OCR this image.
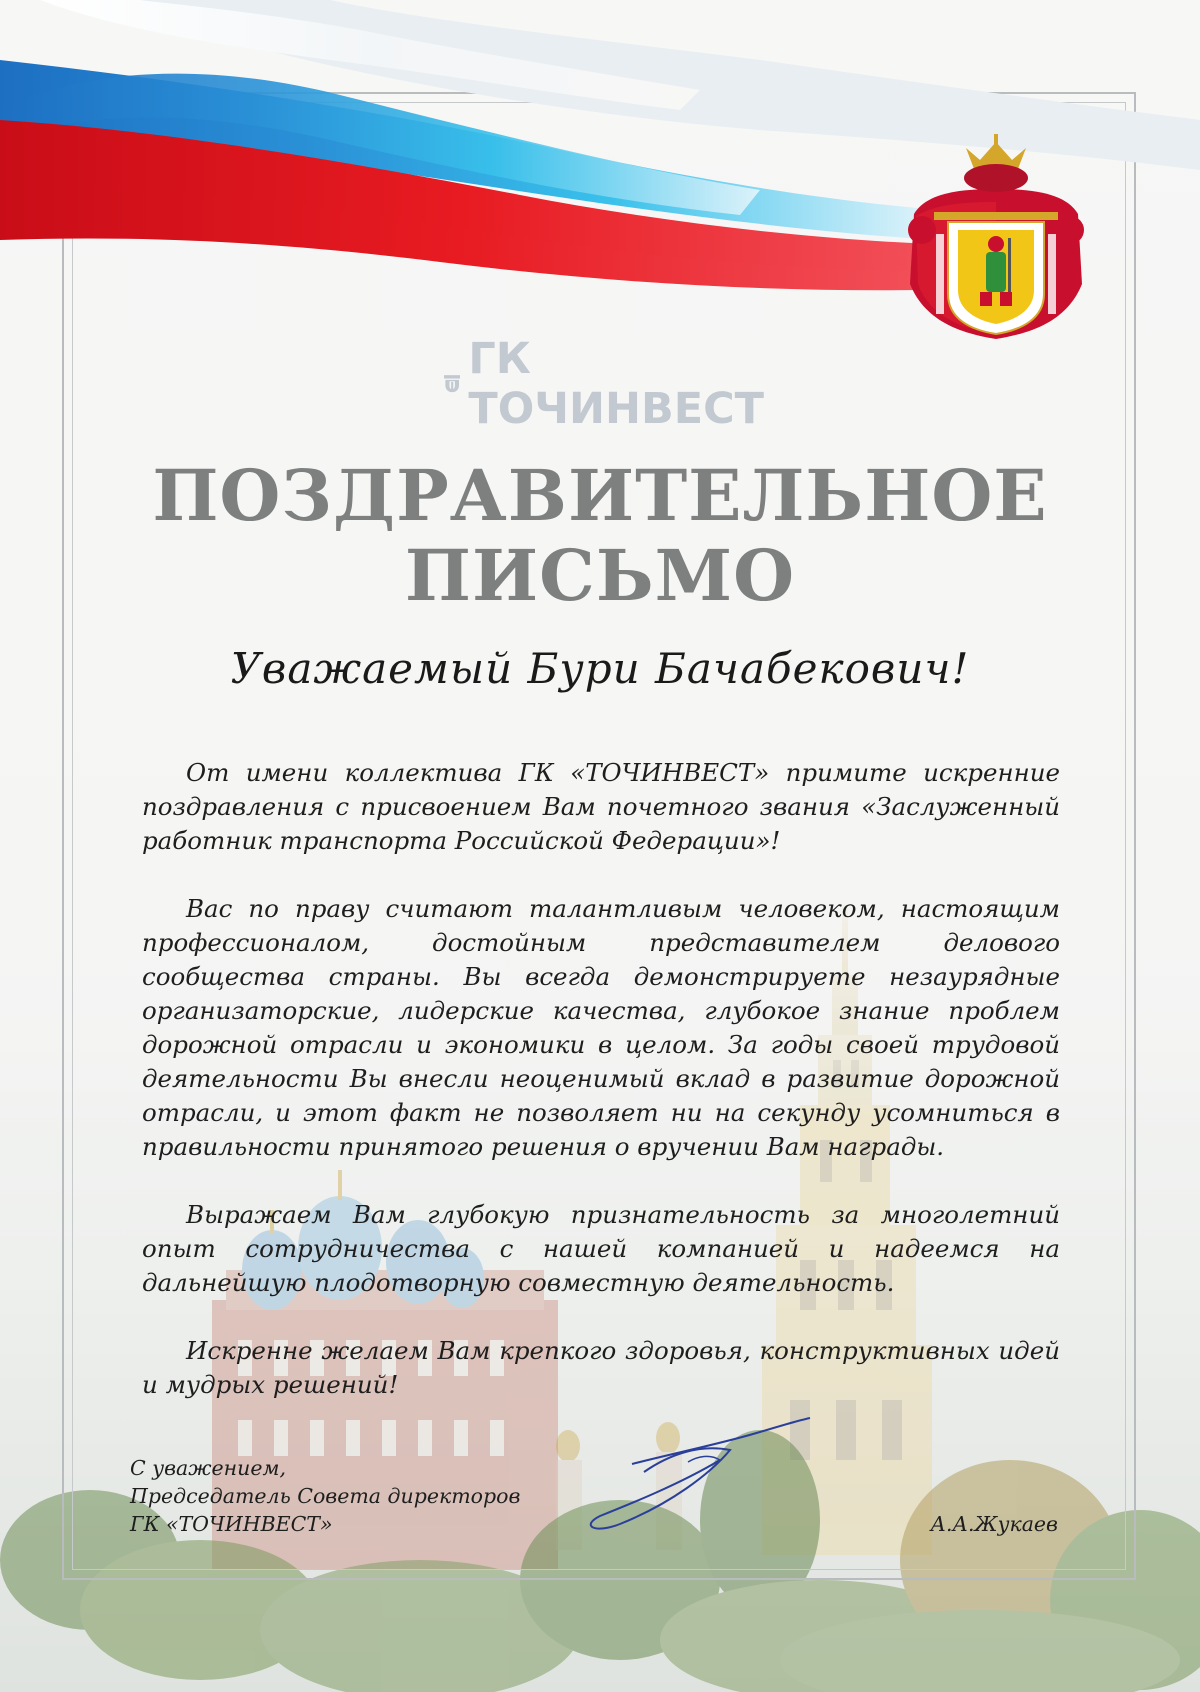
ГК ТОЧИНВЕСТ
ПОЗДРАВИТЕЛЬНОЕ
ПИСЬМО
Уважаемый Бури Бачабекович!

От имени коллектива ГК «ТОЧИНВЕСТ» примите искренние поздравления с присвоением Вам почетного звания «Заслуженный работник транспорта Российской Федерации»!

Вас по праву считают талантливым человеком, настоящим профессионалом, достойным представителем делового сообщества страны. Вы всегда демонстрируете незаурядные организаторские, лидерские качества, глубокое знание проблем дорожной отрасли и экономики в целом. За годы своей трудовой деятельности Вы внесли неоценимый вклад в развитие дорожной отрасли, и этот факт не позволяет ни на секунду усомниться в правильности принятого решения о вручении Вам награды.

Выражаем Вам глубокую признательность за многолетний опыт сотрудничества с нашей компанией и надеемся на дальнейшую плодотворную совместную деятельность.

Искренне желаем Вам крепкого здоровья, конструктивных идей и мудрых решений!

С уважением,
Председатель Совета директоров
ГК «ТОЧИНВЕСТ»	А.А.Жукаев
